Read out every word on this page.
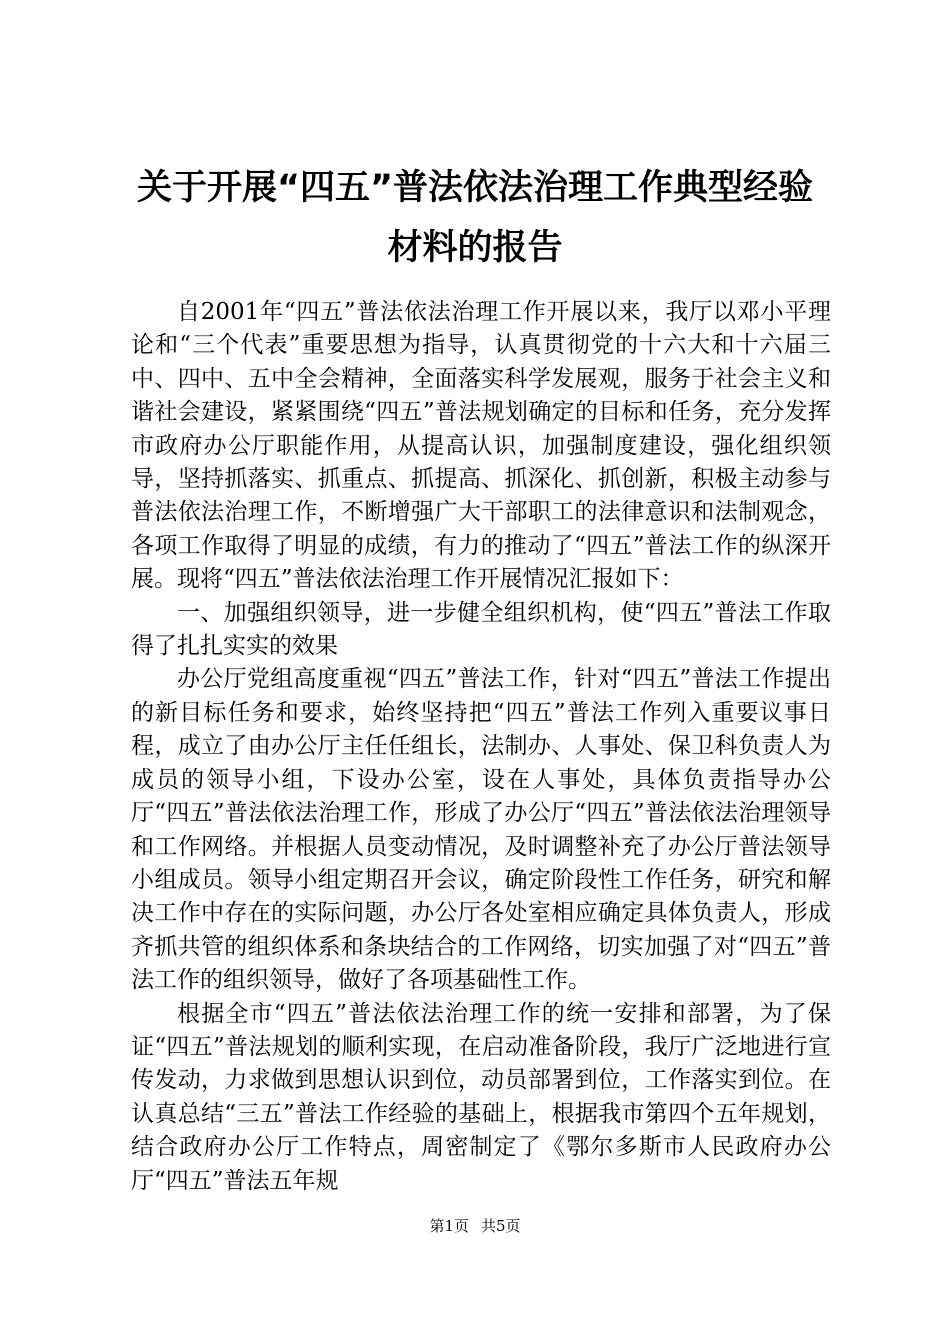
关于开展“四五”普法依法治理工作典型经验
材料的报告

自2001年“四五”普法依法治理工作开展以来，我厅以邓小平理论和“三个代表”重要思想为指导，认真贯彻党的十六大和十六届三中、四中、五中全会精神，全面落实科学发展观，服务于社会主义和谐社会建设，紧紧围绕“四五”普法规划确定的目标和任务，充分发挥市政府办公厅职能作用，从提高认识，加强制度建设，强化组织领导，坚持抓落实、抓重点、抓提高、抓深化、抓创新，积极主动参与普法依法治理工作，不断增强广大干部职工的法律意识和法制观念，各项工作取得了明显的成绩，有力的推动了“四五”普法工作的纵深开展。现将“四五”普法依法治理工作开展情况汇报如下：

一、加强组织领导，进一步健全组织机构，使“四五”普法工作取得了扎扎实实的效果

办公厅党组高度重视“四五”普法工作，针对“四五”普法工作提出的新目标任务和要求，始终坚持把“四五”普法工作列入重要议事日程，成立了由办公厅主任任组长，法制办、人事处、保卫科负责人为成员的领导小组，下设办公室，设在人事处，具体负责指导办公厅“四五”普法依法治理工作，形成了办公厅“四五”普法依法治理领导和工作网络。并根据人员变动情况，及时调整补充了办公厅普法领导小组成员。领导小组定期召开会议，确定阶段性工作任务，研究和解决工作中存在的实际问题，办公厅各处室相应确定具体负责人，形成齐抓共管的组织体系和条块结合的工作网络，切实加强了对“四五”普法工作的组织领导，做好了各项基础性工作。

根据全市“四五”普法依法治理工作的统一安排和部署，为了保证“四五”普法规划的顺利实现，在启动准备阶段，我厅广泛地进行宣传发动，力求做到思想认识到位，动员部署到位，工作落实到位。在认真总结“三五”普法工作经验的基础上，根据我市第四个五年规划，结合政府办公厅工作特点，周密制定了《鄂尔多斯市人民政府办公厅“四五”普法五年规

第1页 共5页
